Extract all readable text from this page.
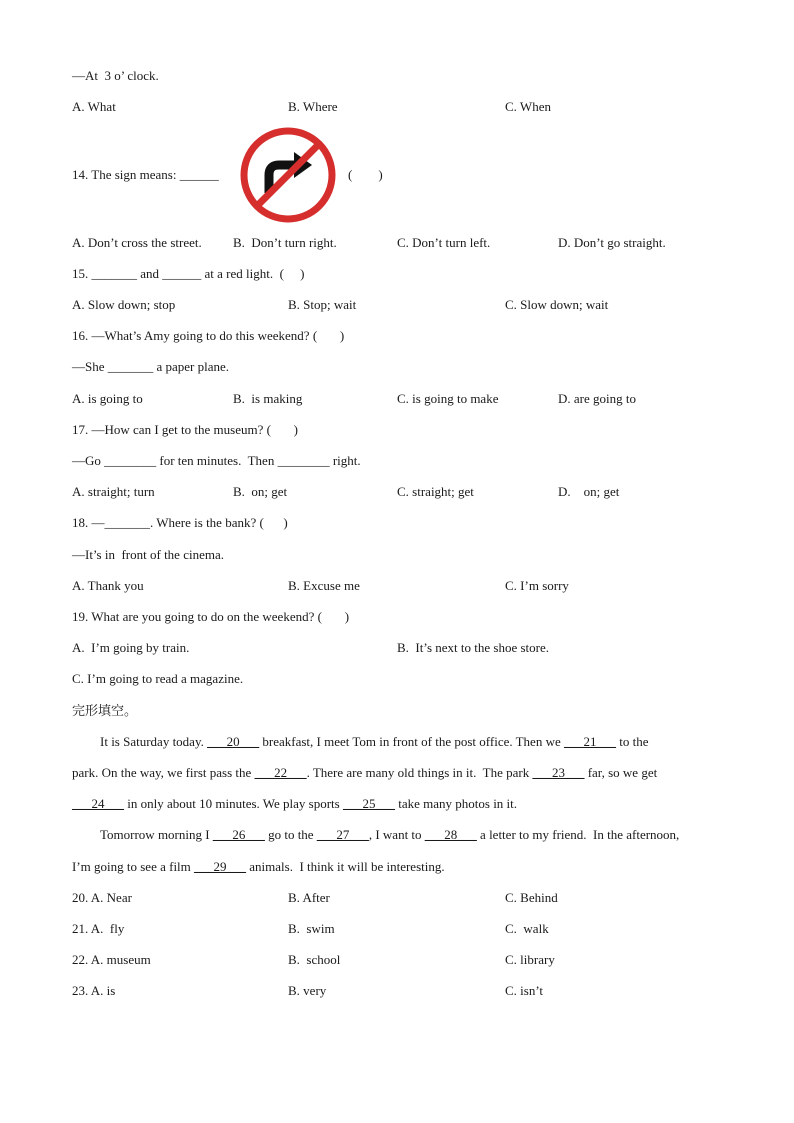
—At  3 o’ clock.
A. What	B. Where	C. When
14. The sign means: ______	(        )
A. Don’t cross the street. B.  Don’t turn right.	C. Don’t turn left.	D. Don’t go straight.
15. _______ and ______ at a red light.  (     )
A. Slow down; stop	B. Stop; wait	C. Slow down; wait
16. —What’s Amy going to do this weekend? (       )
—She _______ a paper plane.
A. is going to	B.  is making	C. is going to make	D. are going to
17. —How can I get to the museum? (       )
—Go ________ for ten minutes.  Then ________ right.
A. straight; turn	B.  on; get	C. straight; get	D.    on; get
18. —_______. Where is the bank? (      )
—It’s in  front of the cinema.
A. Thank you	B. Excuse me	C. I’m sorry
19. What are you going to do on the weekend? (       )
A.  I’m going by train.	B.  It’s next to the shoe store.
C. I’m going to read a magazine.
完形填空。
It is Saturday today. ___20___ breakfast, I meet Tom in front of the post office. Then we ___21___ to the
park. On the way, we first pass the ___22___. There are many old things in it.  The park ___23___ far, so we get
___24___ in only about 10 minutes. We play sports ___25___ take many photos in it.
Tomorrow morning I ___26___ go to the ___27___, I want to ___28___ a letter to my friend.  In the afternoon,
I’m going to see a film ___29___ animals.  I think it will be interesting.
20. A. Near	B. After	C. Behind
21. A.  fly	B.  swim	C.  walk
22. A. museum	B.  school	C. library
23. A. is	B. very	C. isn’t
